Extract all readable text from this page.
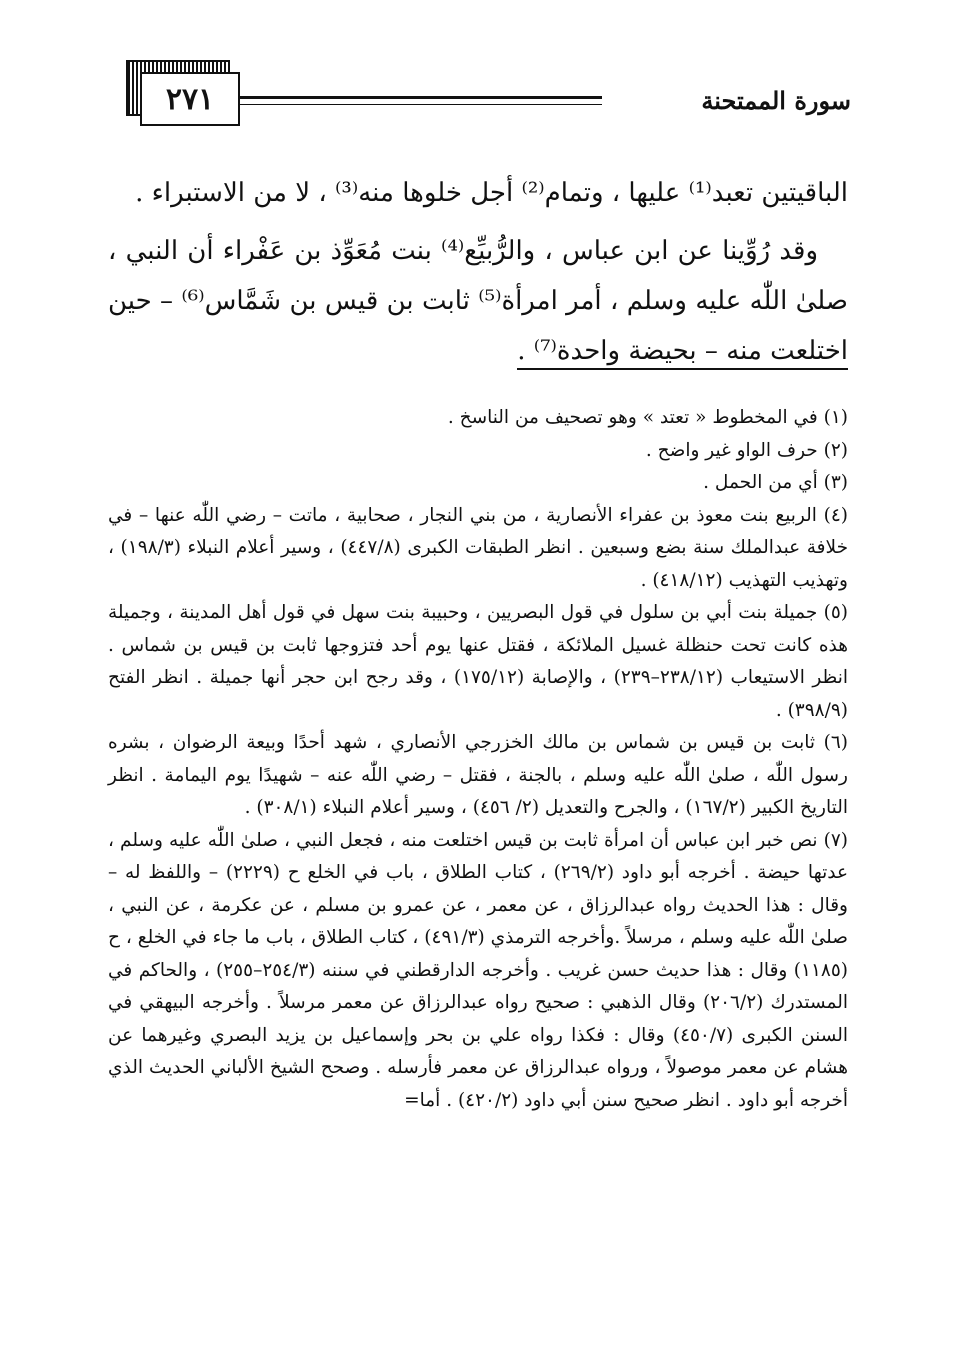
٢٧١	سورة الممتحنة

الباقيتين تعبد⁽¹⁾ عليها ، وتمام⁽²⁾ أجل خلوها منه⁽³⁾ ، لا من الاستبراء .

وقد رُوِّينا عن ابن عباس ، والرُّبيِّع⁽⁴⁾ بنت مُعَوِّذ بن عَفْراء أن النبي ، صلىٰ اللّٰه عليه وسلم ، أمر امرأة⁽⁵⁾ ثابت بن قيس بن شَمَّاس⁽⁶⁾ – حين اختلعت منه – بحيضة واحدة⁽⁷⁾ .

(١) في المخطوط « تعتد » وهو تصحيف من الناسخ .

(٢) حرف الواو غير واضح .

(٣) أي من الحمل .

(٤) الربيع بنت معوذ بن عفراء الأنصارية ، من بني النجار ، صحابية ، ماتت – رضي اللّٰه عنها – في خلافة عبدالملك سنة بضع وسبعين . انظر الطبقات الكبرى (٤٤٧/٨) ، وسير أعلام النبلاء (١٩٨/٣) ، وتهذيب التهذيب (٤١٨/١٢) .

(٥) جميلة بنت أبي بن سلول في قول البصريين ، وحبيبة بنت سهل في قول أهل المدينة ، وجميلة هذه كانت تحت حنظلة غسيل الملائكة ، فقتل عنها يوم أحد فتزوجها ثابت بن قيس بن شماس . انظر الاستيعاب (٢٣٨/١٢–٢٣٩) ، والإصابة (١٧٥/١٢) ، وقد رجح ابن حجر أنها جميلة . انظر الفتح (٣٩٨/٩) .

(٦) ثابت بن قيس بن شماس بن مالك الخزرجي الأنصاري ، شهد أحدًا وبيعة الرضوان ، بشره رسول اللّٰه ، صلىٰ اللّٰه عليه وسلم ، بالجنة ، فقتل – رضي اللّٰه عنه – شهيدًا يوم اليمامة . انظر التاريخ الكبير (١٦٧/٢) ، والجرح والتعديل (٢/ ٤٥٦) ، وسير أعلام النبلاء (٣٠٨/١) .

(٧) نص خبر ابن عباس أن امرأة ثابت بن قيس اختلعت منه ، فجعل النبي ، صلىٰ اللّٰه عليه وسلم ، عدتها حيضة . أخرجه أبو داود (٢٦٩/٢) ، كتاب الطلاق ، باب في الخلع ح (٢٢٢٩) – واللفظ له – وقال : هذا الحديث رواه عبدالرزاق ، عن معمر ، عن عمرو بن مسلم ، عن عكرمة ، عن النبي ، صلىٰ اللّٰه عليه وسلم ، مرسلاً .وأخرجه الترمذي (٤٩١/٣) ، كتاب الطلاق ، باب ما جاء في الخلع ، ح (١١٨٥) وقال : هذا حديث حسن غريب . وأخرجه الدارقطني في سننه (٢٥٤/٣–٢٥٥) ، والحاكم في المستدرك (٢٠٦/٢) وقال الذهبي : صحيح رواه عبدالرزاق عن معمر مرسلاً . وأخرجه البيهقي في السنن الكبرى (٤٥٠/٧) وقال : فكذا رواه علي بن بحر وإسماعيل بن يزيد البصري وغيرهما عن هشام عن معمر موصولاً ، ورواه عبدالرزاق عن معمر فأرسله . وصحح الشيخ الألباني الحديث الذي أخرجه أبو داود . انظر صحيح سنن أبي داود (٤٢٠/٢) . أما=
